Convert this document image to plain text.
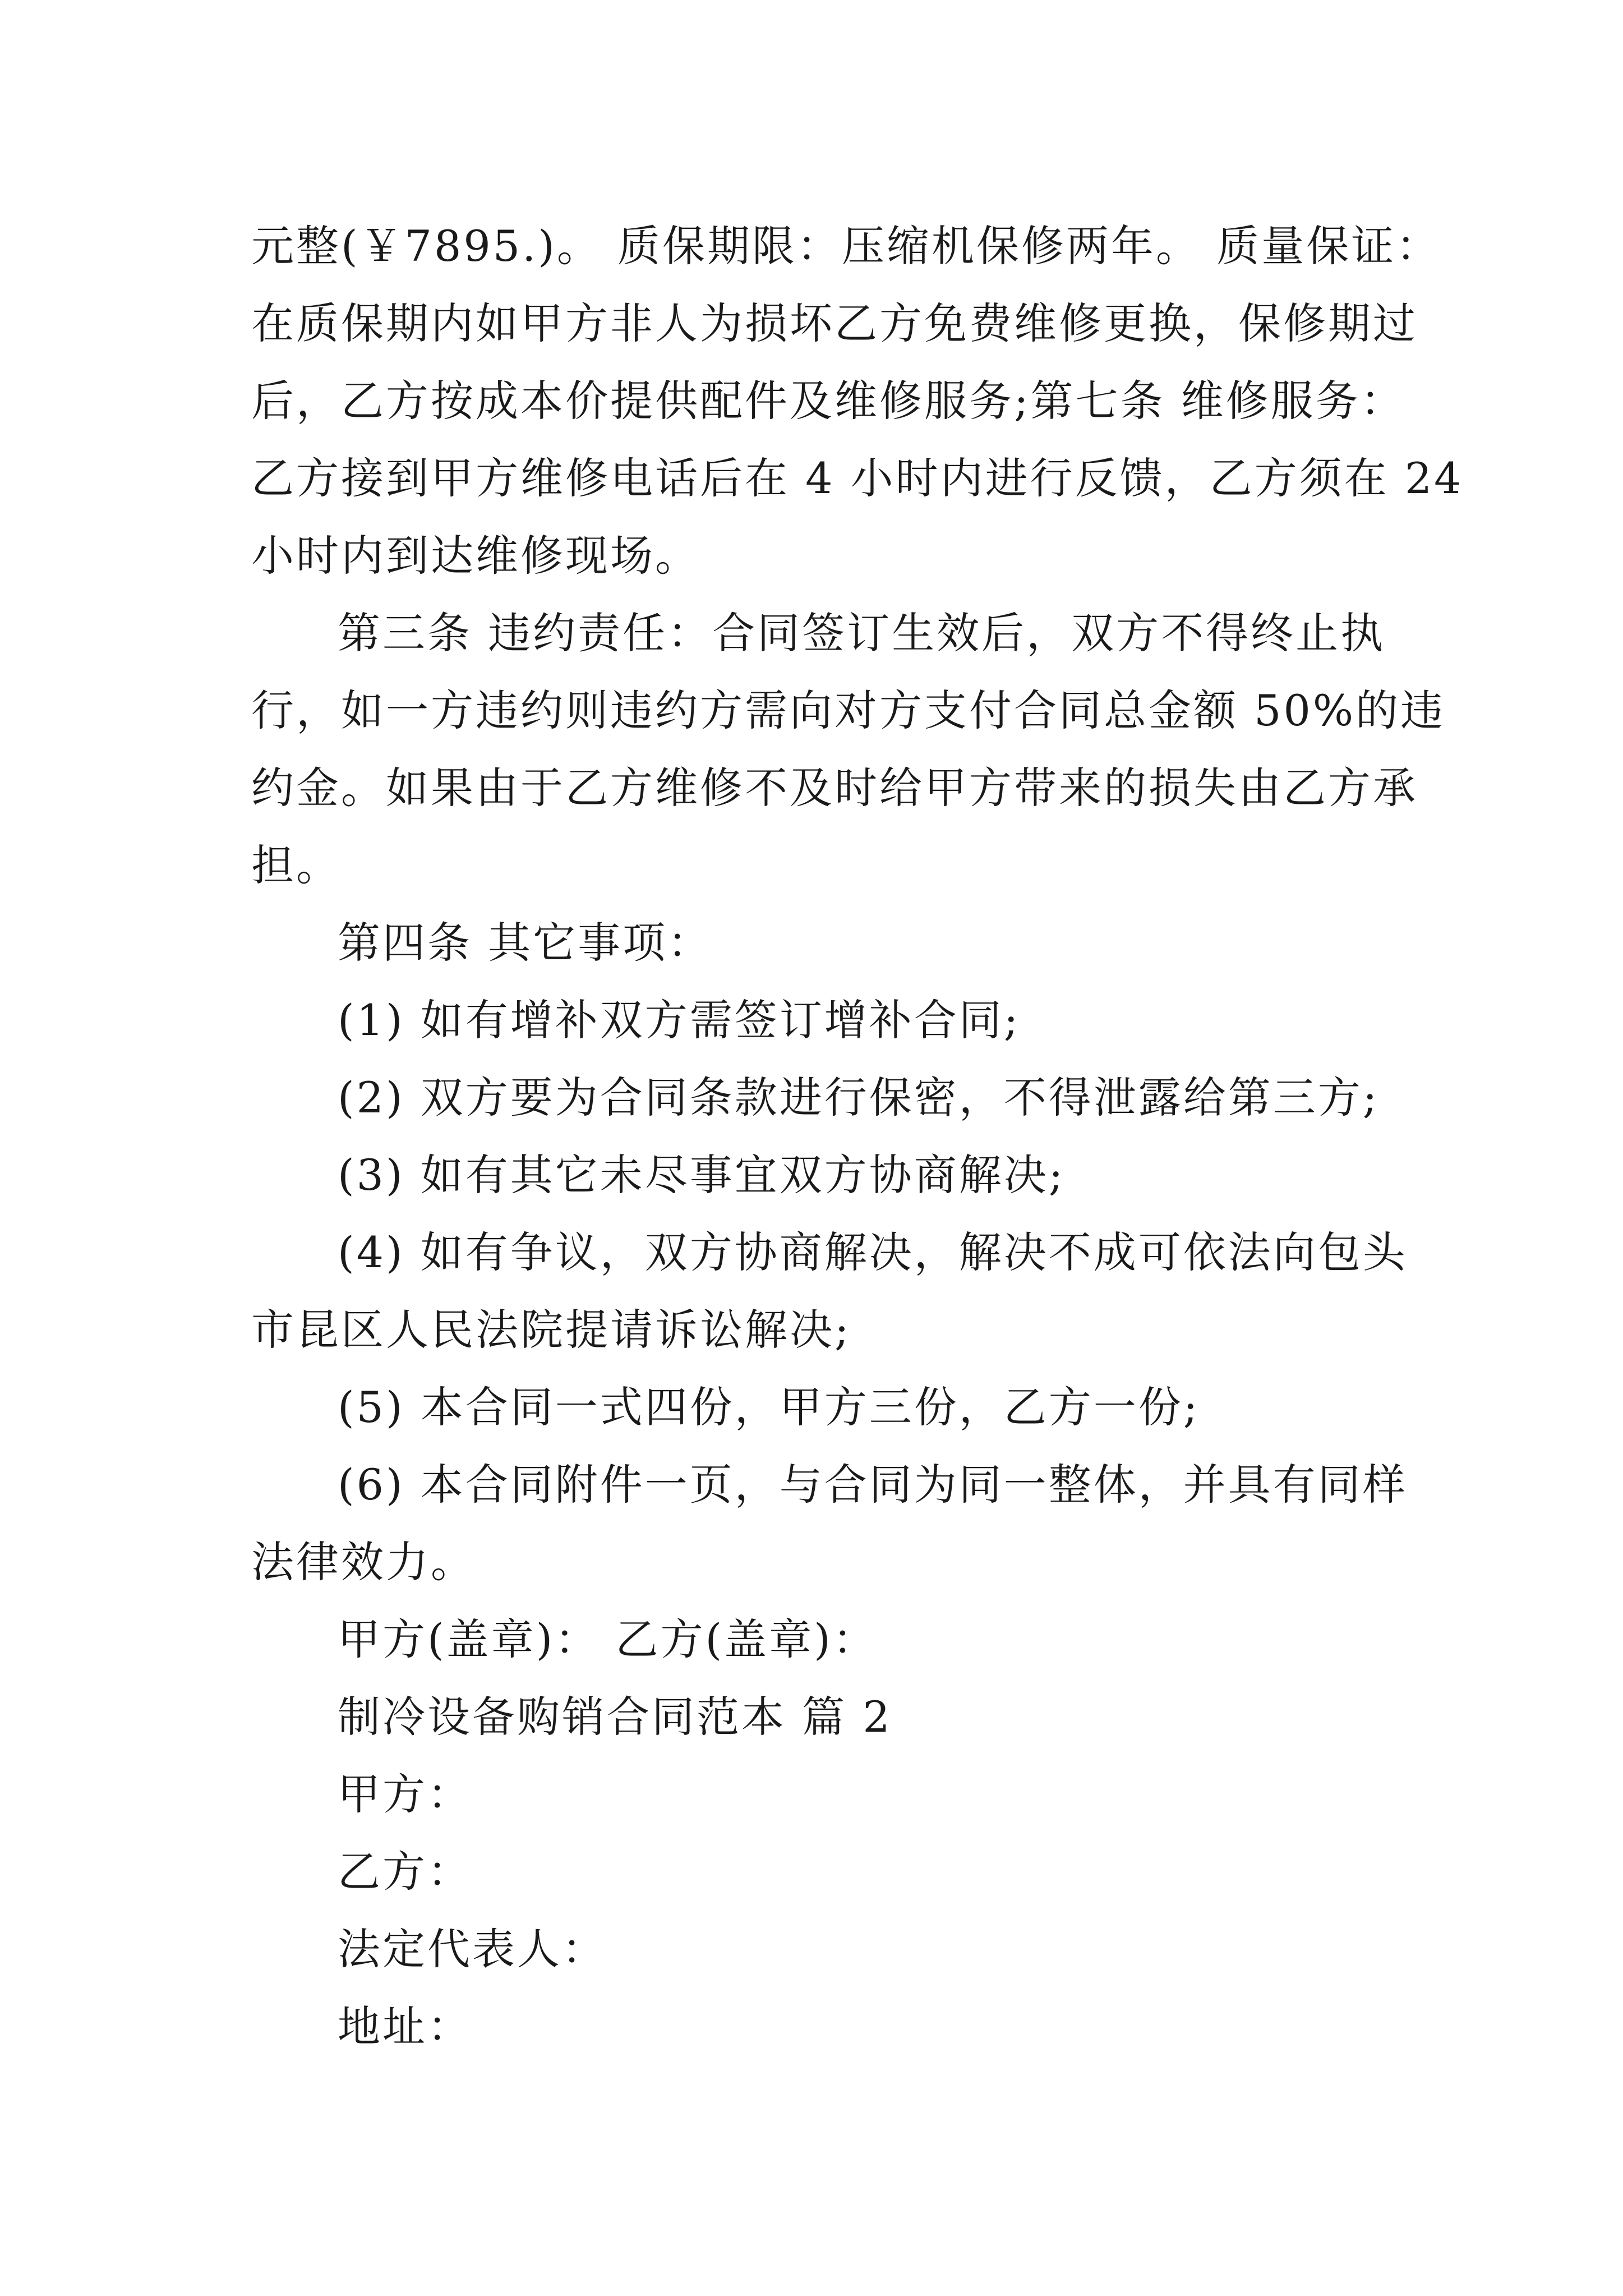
元整(￥7895.)。 质保期限：压缩机保修两年。 质量保证：
在质保期内如甲方非人为损坏乙方免费维修更换，保修期过
后，乙方按成本价提供配件及维修服务;第七条 维修服务：
乙方接到甲方维修电话后在 4 小时内进行反馈，乙方须在 24
小时内到达维修现场。
第三条 违约责任：合同签订生效后，双方不得终止执
行，如一方违约则违约方需向对方支付合同总金额 50%的违
约金。如果由于乙方维修不及时给甲方带来的损失由乙方承
担。
第四条 其它事项：
(1) 如有增补双方需签订增补合同;
(2) 双方要为合同条款进行保密，不得泄露给第三方;
(3) 如有其它未尽事宜双方协商解决;
(4) 如有争议，双方协商解决，解决不成可依法向包头
市昆区人民法院提请诉讼解决;
(5) 本合同一式四份，甲方三份，乙方一份;
(6) 本合同附件一页，与合同为同一整体，并具有同样
法律效力。
甲方(盖章)： 乙方(盖章)：
制冷设备购销合同范本 篇 2
甲方：
乙方：
法定代表人：
地址：
